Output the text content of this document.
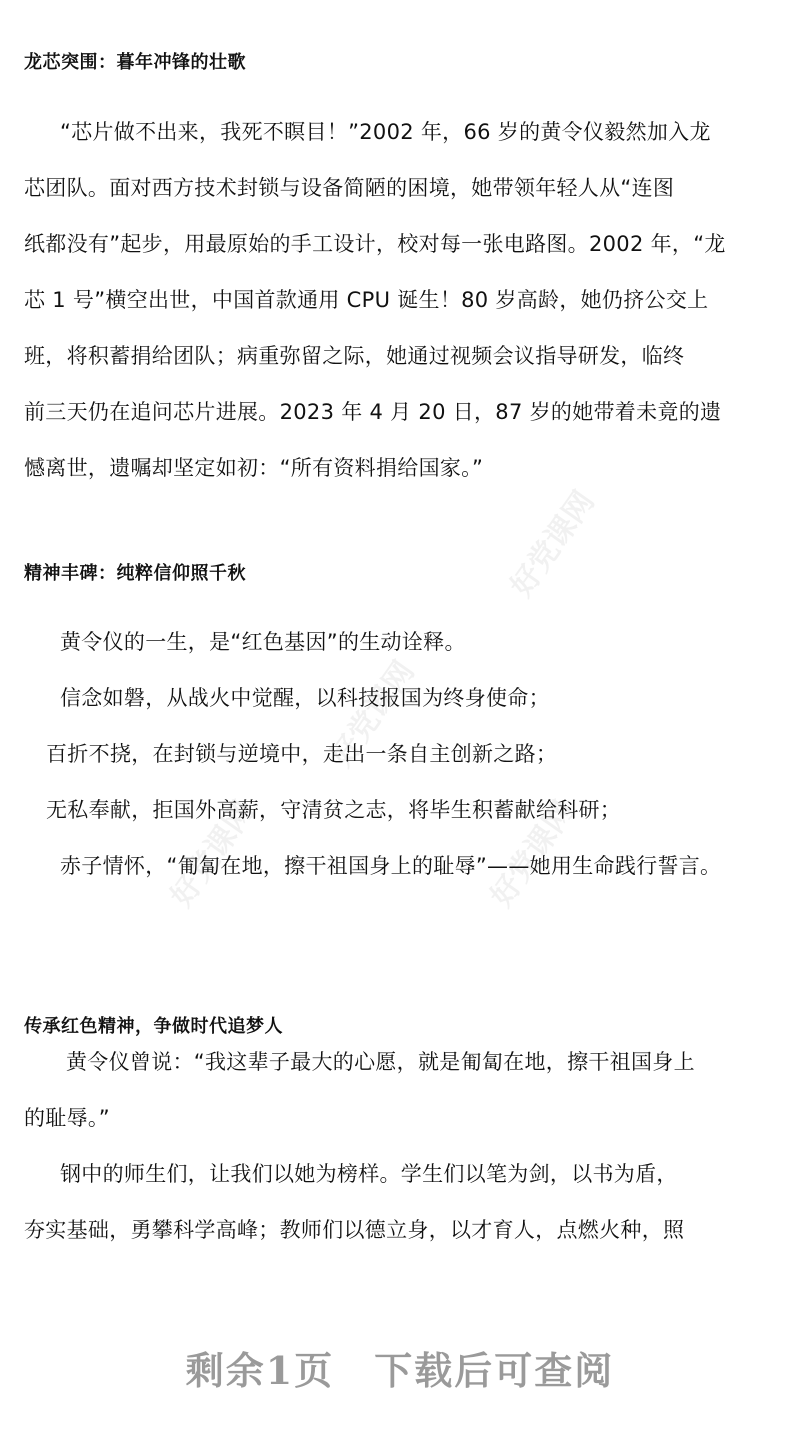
好党课网
好党课网
好党课网	好党课网
龙芯突围：暮年冲锋的壮歌
“芯片做不出来，我死不瞑目！”2002 年，66 岁的黄令仪毅然加入龙
芯团队。面对西方技术封锁与设备简陋的困境，她带领年轻人从“连图
纸都没有”起步，用最原始的手工设计，校对每一张电路图。2002 年，“龙
芯 1 号”横空出世，中国首款通用 CPU 诞生！80 岁高龄，她仍挤公交上
班，将积蓄捐给团队；病重弥留之际，她通过视频会议指导研发，临终
前三天仍在追问芯片进展。2023 年 4 月 20 日，87 岁的她带着未竟的遗
憾离世，遗嘱却坚定如初：“所有资料捐给国家。”
精神丰碑：纯粹信仰照千秋
黄令仪的一生，是“红色基因”的生动诠释。
信念如磐，从战火中觉醒，以科技报国为终身使命；
百折不挠，在封锁与逆境中，走出一条自主创新之路；
无私奉献，拒国外高薪，守清贫之志，将毕生积蓄献给科研；
赤子情怀，“匍匐在地，擦干祖国身上的耻辱”——她用生命践行誓言。
传承红色精神，争做时代追梦人
黄令仪曾说：“我这辈子最大的心愿，就是匍匐在地，擦干祖国身上
的耻辱。”
钢中的师生们，让我们以她为榜样。学生们以笔为剑，以书为盾，
夯实基础，勇攀科学高峰；教师们以德立身，以才育人，点燃火种，照
剩余1页 下载后可查阅
